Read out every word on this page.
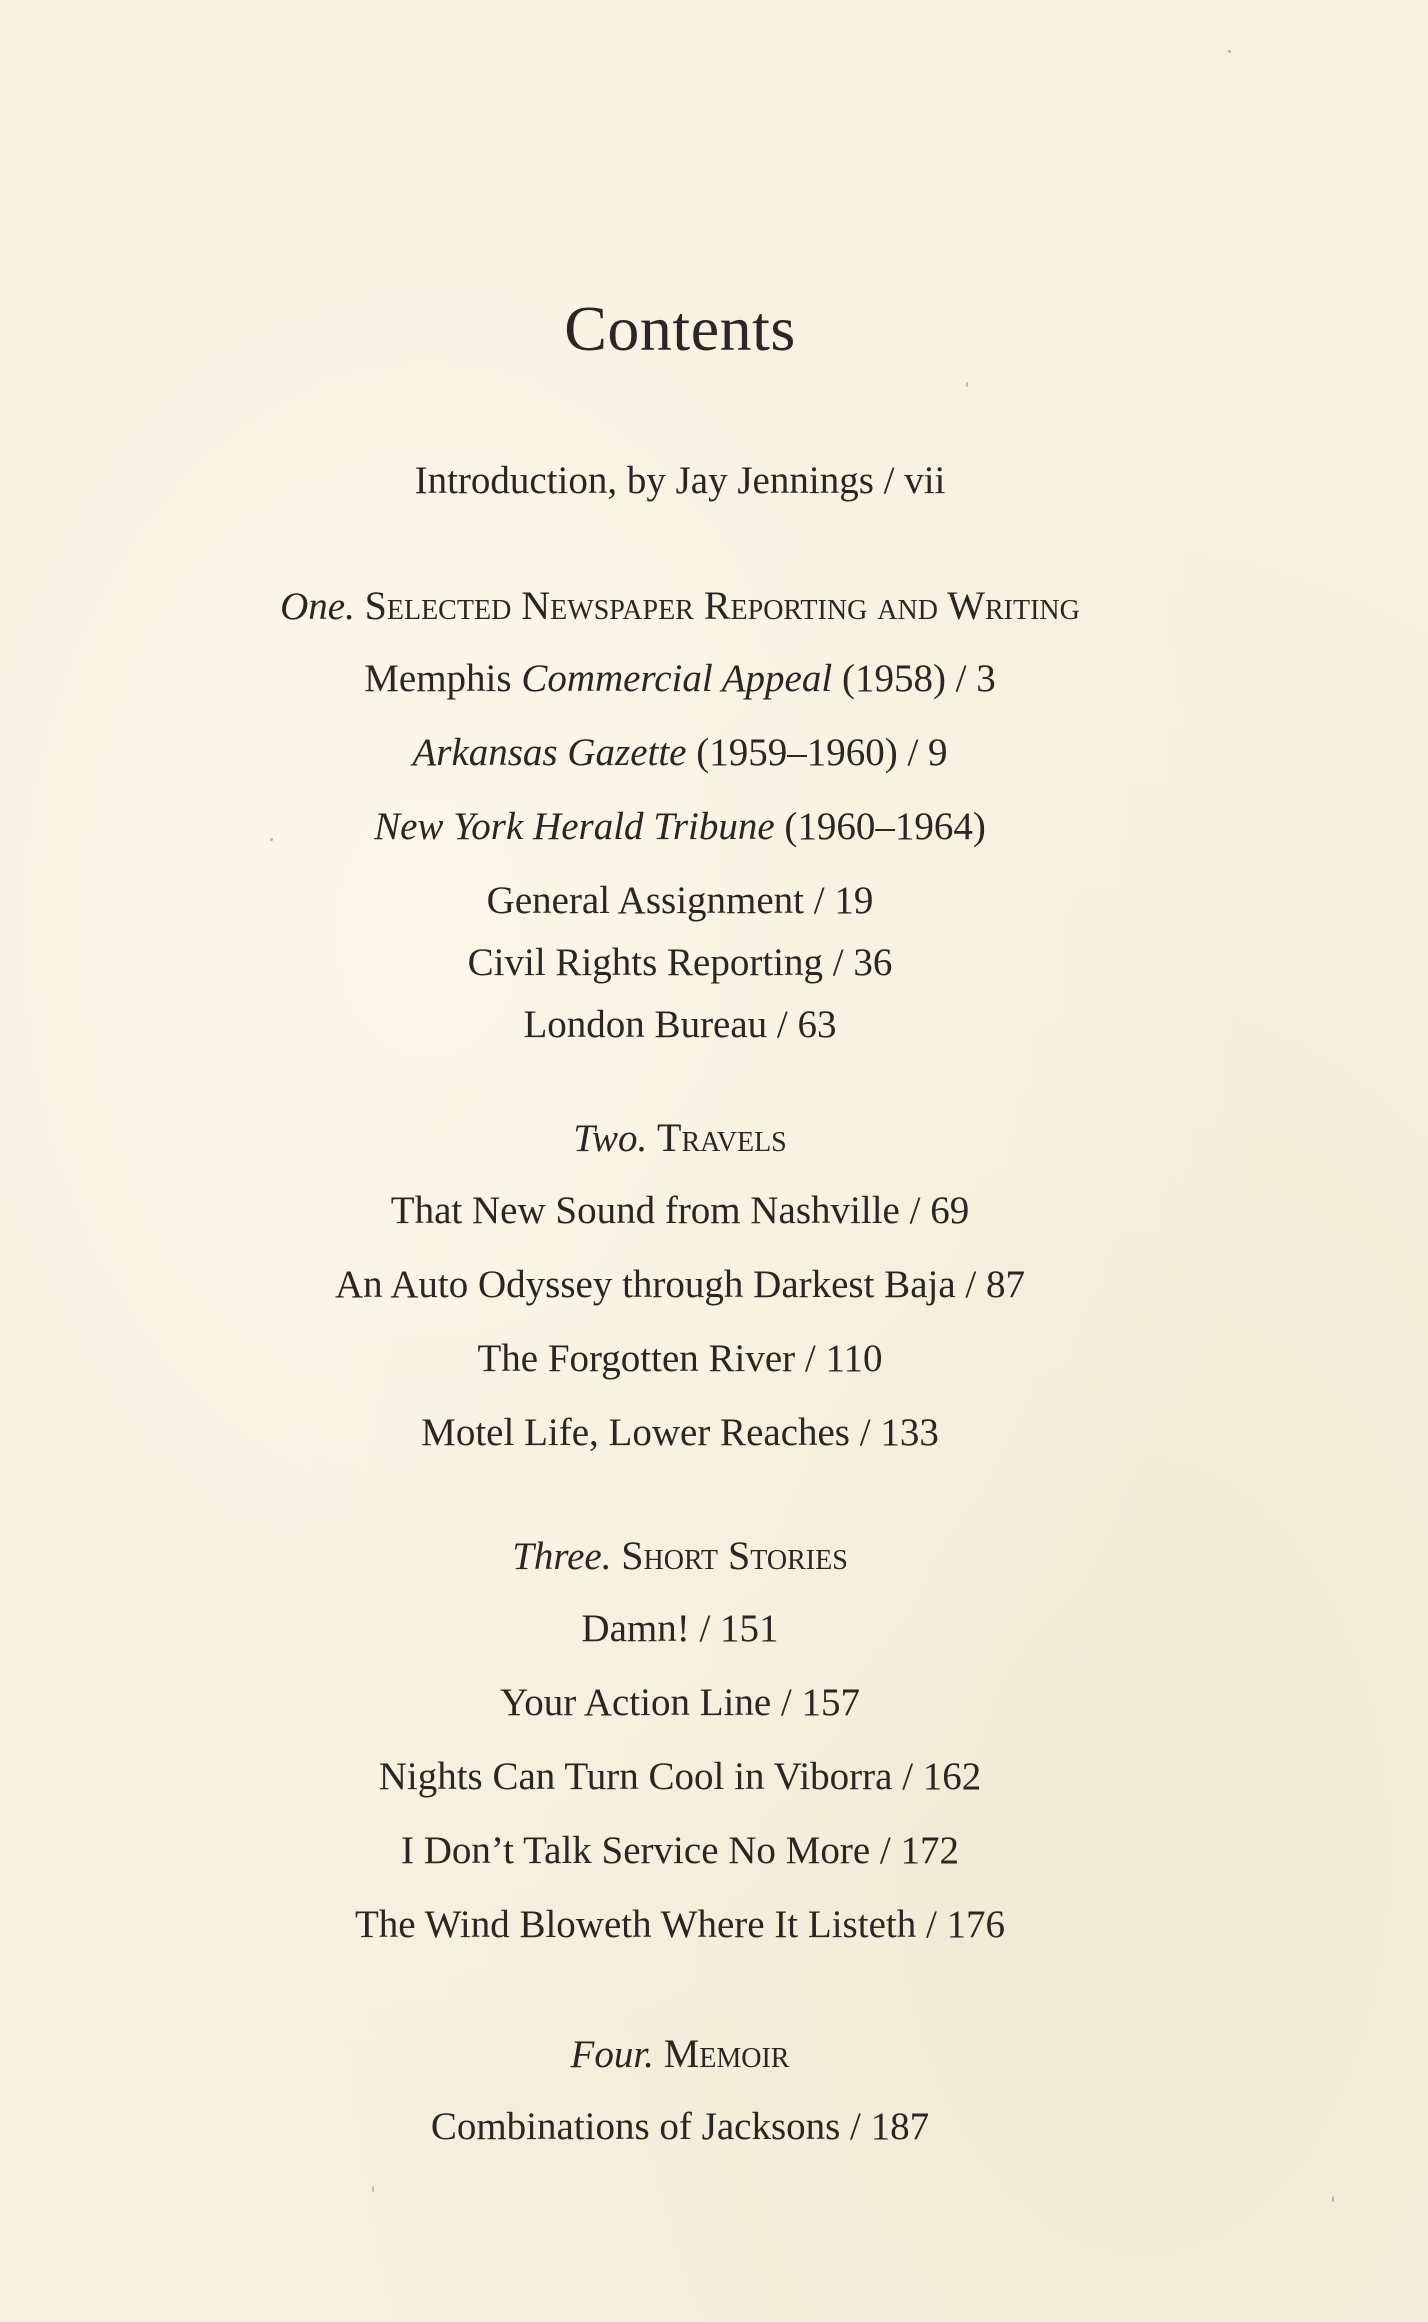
Contents
Introduction, by Jay Jennings / vii
One. Selected Newspaper Reporting and Writing
Memphis Commercial Appeal (1958) / 3
Arkansas Gazette (1959–1960) / 9
New York Herald Tribune (1960–1964)
General Assignment / 19
Civil Rights Reporting / 36
London Bureau / 63
Two. Travels
That New Sound from Nashville / 69
An Auto Odyssey through Darkest Baja / 87
The Forgotten River / 110
Motel Life, Lower Reaches / 133
Three. Short Stories
Damn! / 151
Your Action Line / 157
Nights Can Turn Cool in Viborra / 162
I Don’t Talk Service No More / 172
The Wind Bloweth Where It Listeth / 176
Four. Memoir
Combinations of Jacksons / 187
